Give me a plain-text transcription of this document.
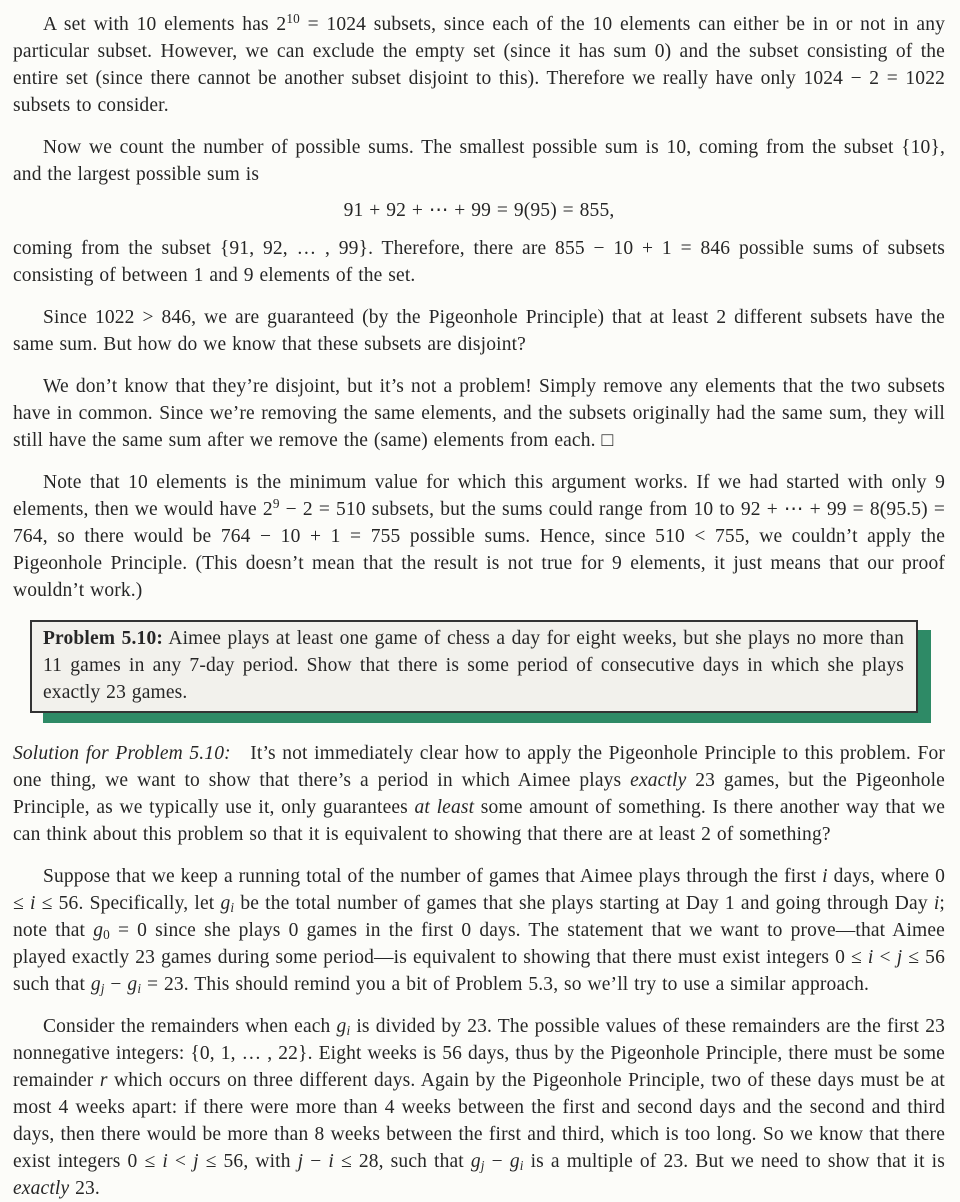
A set with 10 elements has $2^{10} = 1024$ subsets, since each of the 10 elements can either be in or not in any particular subset. However, we can exclude the empty set (since it has sum 0) and the subset consisting of the entire set (since there cannot be another subset disjoint to this). Therefore we really have only 1024 − 2 = 1022 subsets to consider.

Now we count the number of possible sums. The smallest possible sum is 10, coming from the subset {10}, and the largest possible sum is

91 + 92 + ⋯ + 99 = 9(95) = 855,

coming from the subset {91, 92, … , 99}. Therefore, there are 855 − 10 + 1 = 846 possible sums of subsets consisting of between 1 and 9 elements of the set.

Since 1022 > 846, we are guaranteed (by the Pigeonhole Principle) that at least 2 different subsets have the same sum. But how do we know that these subsets are disjoint?

We don’t know that they’re disjoint, but it’s not a problem! Simply remove any elements that the two subsets have in common. Since we’re removing the same elements, and the subsets originally had the same sum, they will still have the same sum after we remove the (same) elements from each. □

Note that 10 elements is the minimum value for which this argument works. If we had started with only 9 elements, then we would have $2^9 - 2 = 510$ subsets, but the sums could range from 10 to 92 + ⋯ + 99 = 8(95.5) = 764, so there would be 764 − 10 + 1 = 755 possible sums. Hence, since 510 < 755, we couldn’t apply the Pigeonhole Principle. (This doesn’t mean that the result is not true for 9 elements, it just means that our proof wouldn’t work.)

Problem 5.10: Aimee plays at least one game of chess a day for eight weeks, but she plays no more than 11 games in any 7-day period. Show that there is some period of consecutive days in which she plays exactly 23 games.

Solution for Problem 5.10:   It’s not immediately clear how to apply the Pigeonhole Principle to this problem. For one thing, we want to show that there’s a period in which Aimee plays exactly 23 games, but the Pigeonhole Principle, as we typically use it, only guarantees at least some amount of something. Is there another way that we can think about this problem so that it is equivalent to showing that there are at least 2 of something?

Suppose that we keep a running total of the number of games that Aimee plays through the first i days, where 0 ≤ i ≤ 56. Specifically, let $g_i$ be the total number of games that she plays starting at Day 1 and going through Day i; note that $g_0 = 0$ since she plays 0 games in the first 0 days. The statement that we want to prove—that Aimee played exactly 23 games during some period—is equivalent to showing that there must exist integers 0 ≤ i < j ≤ 56 such that $g_j - g_i = 23$. This should remind you a bit of Problem 5.3, so we’ll try to use a similar approach.

Consider the remainders when each $g_i$ is divided by 23. The possible values of these remainders are the first 23 nonnegative integers: {0, 1, … , 22}. Eight weeks is 56 days, thus by the Pigeonhole Principle, there must be some remainder r which occurs on three different days. Again by the Pigeonhole Principle, two of these days must be at most 4 weeks apart: if there were more than 4 weeks between the first and second days and the second and third days, then there would be more than 8 weeks between the first and third, which is too long. So we know that there exist integers 0 ≤ i < j ≤ 56, with j − i ≤ 28, such that $g_j - g_i$ is a multiple of 23. But we need to show that it is exactly 23.
